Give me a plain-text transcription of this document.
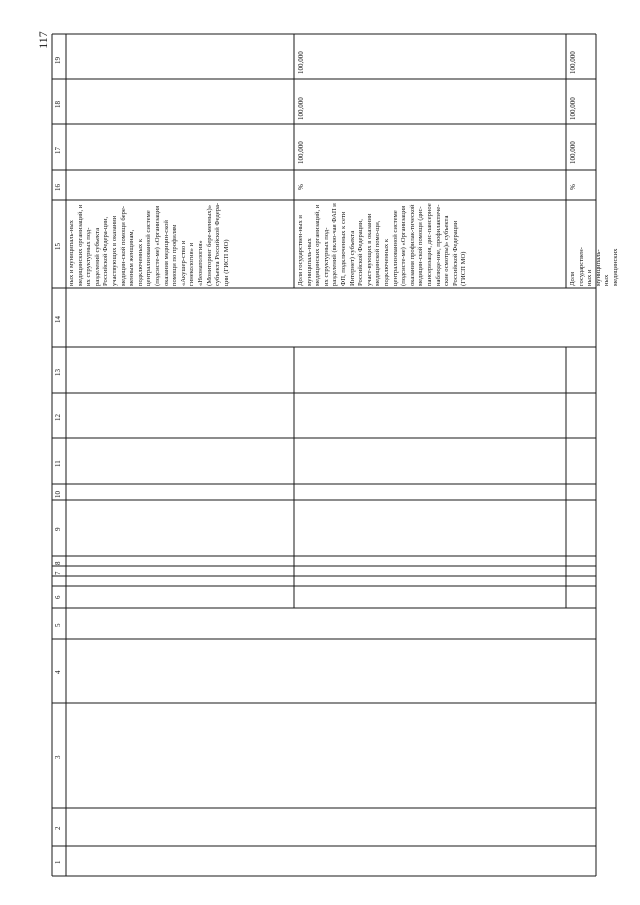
117
19
18
17
16
15
14
13
12
11
10
9
8
7
6
5
4
3
2
1
ных и муниципаль-ных медицинских организаций, и их структурных под-разделений субъекта Российской Федера-ции, участвующих в оказании медицин-ской помощи бере-менным женщинам, подключенных к централизованной системе (подсисте-ме) «Организация оказания медицин-ской помощи по профилям «Акушер-ство и гинекология» и «Неонатология» (Мониторинг бере-менных)» субъекта Российской Федера-ции (ГИСП МО)	Доля государствен-ных и муниципаль-ных медицинских организаций, и их структурных под-разделений (вклю-чая ФАП и ФП, подключенных к сети Интернет) субъекта Российской Федерации, участ-вующих в оказании медицинской помо-щи, подключенных к централизованной системе (подсисте-ме) «Организация оказания профилак-тической медицин-ской помощи (дис-пансеризация, дис-пансерное наблюде-ние, профилактиче-ские осмотры)» субъекта Российской Федерации (ГИСП МО)
%
100,000
100,000
100,000
Доля государствен-ных и муниципаль-ных медицинских
%
100,000
100,000
100,000
